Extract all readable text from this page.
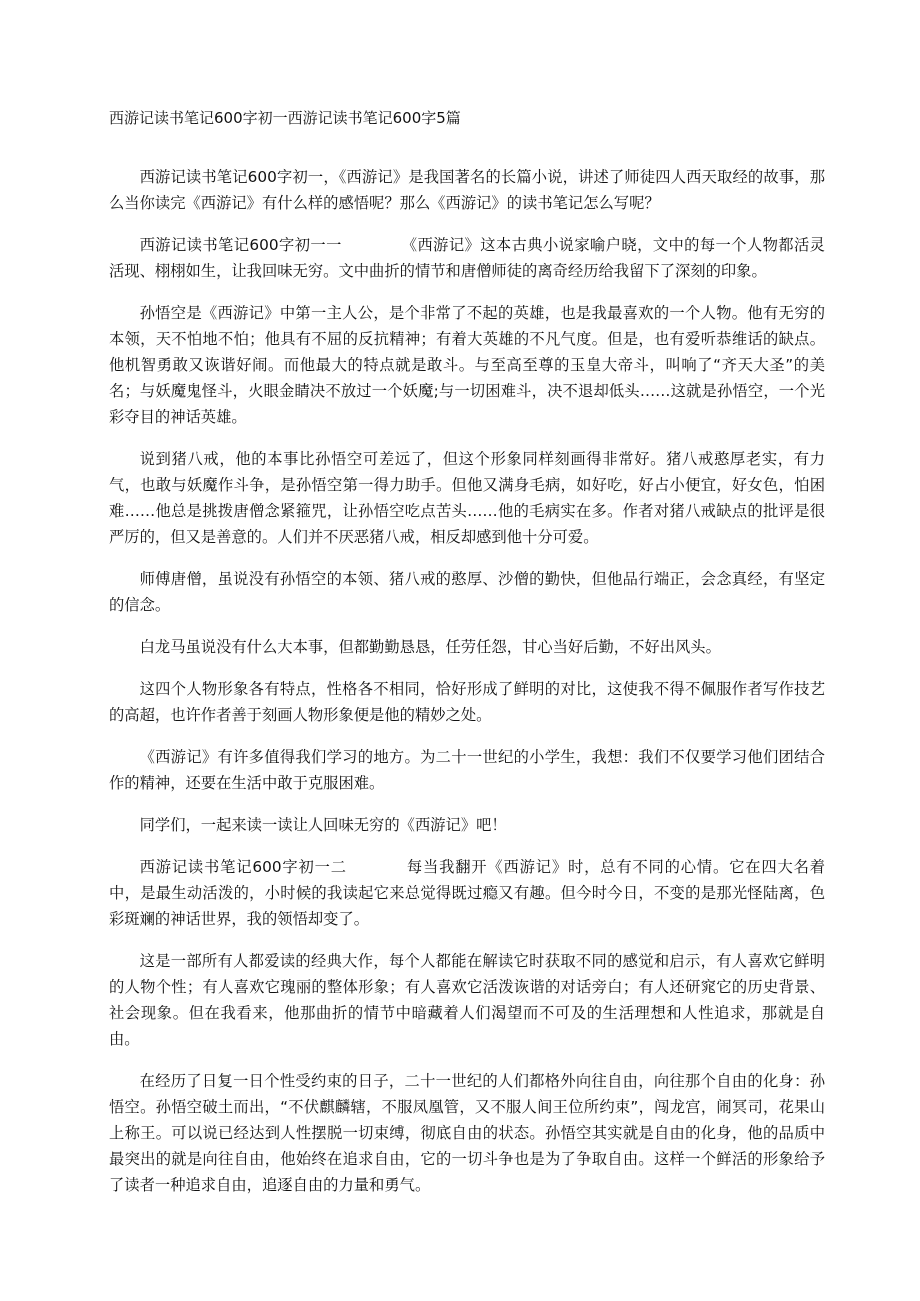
西游记读书笔记600字初一西游记读书笔记600字5篇

西游记读书笔记600字初一，《西游记》是我国著名的长篇小说，讲述了师徒四人西天取经的故事，那么当你读完《西游记》有什么样的感悟呢？那么《西游记》的读书笔记怎么写呢？

西游记读书笔记600字初一一	《西游记》这本古典小说家喻户晓，文中的每一个人物都活灵活现、栩栩如生，让我回味无穷。文中曲折的情节和唐僧师徒的离奇经历给我留下了深刻的印象。

孙悟空是《西游记》中第一主人公，是个非常了不起的英雄，也是我最喜欢的一个人物。他有无穷的本领，天不怕地不怕；他具有不屈的反抗精神；有着大英雄的不凡气度。但是，也有爱听恭维话的缺点。他机智勇敢又诙谐好闹。而他最大的特点就是敢斗。与至高至尊的玉皇大帝斗，叫响了“齐天大圣”的美名；与妖魔鬼怪斗，火眼金睛决不放过一个妖魔;与一切困难斗，决不退却低头……这就是孙悟空，一个光彩夺目的神话英雄。

说到猪八戒，他的本事比孙悟空可差远了，但这个形象同样刻画得非常好。猪八戒憨厚老实，有力气，也敢与妖魔作斗争，是孙悟空第一得力助手。但他又满身毛病，如好吃，好占小便宜，好女色，怕困难……他总是挑拨唐僧念紧箍咒，让孙悟空吃点苦头……他的毛病实在多。作者对猪八戒缺点的批评是很严厉的，但又是善意的。人们并不厌恶猪八戒，相反却感到他十分可爱。

师傅唐僧，虽说没有孙悟空的本领、猪八戒的憨厚、沙僧的勤快，但他品行端正，会念真经，有坚定的信念。

白龙马虽说没有什么大本事，但都勤勤恳恳，任劳任怨，甘心当好后勤，不好出风头。

这四个人物形象各有特点，性格各不相同，恰好形成了鲜明的对比，这使我不得不佩服作者写作技艺的高超，也许作者善于刻画人物形象便是他的精妙之处。

《西游记》有许多值得我们学习的地方。为二十一世纪的小学生，我想：我们不仅要学习他们团结合作的精神，还要在生活中敢于克服困难。

同学们，一起来读一读让人回味无穷的《西游记》吧！

西游记读书笔记600字初一二	每当我翻开《西游记》时，总有不同的心情。它在四大名着中，是最生动活泼的，小时候的我读起它来总觉得既过瘾又有趣。但今时今日，不变的是那光怪陆离，色彩斑斓的神话世界，我的领悟却变了。

这是一部所有人都爱读的经典大作，每个人都能在解读它时获取不同的感觉和启示，有人喜欢它鲜明的人物个性；有人喜欢它瑰丽的整体形象；有人喜欢它活泼诙谐的对话旁白；有人还研窕它的历史背景、社会现象。但在我看来，他那曲折的情节中暗藏着人们渴望而不可及的生活理想和人性追求，那就是自由。

在经历了日复一日个性受约束的日子，二十一世纪的人们都格外向往自由，向往那个自由的化身：孙悟空。孙悟空破土而出，“不伏麒麟辖，不服凤凰管，又不服人间王位所约束”，闯龙宫，闹冥司，花果山上称王。可以说已经达到人性摆脱一切束缚，彻底自由的状态。孙悟空其实就是自由的化身，他的品质中最突出的就是向往自由，他始终在追求自由，它的一切斗争也是为了争取自由。这样一个鲜活的形象给予了读者一种追求自由，追逐自由的力量和勇气。
